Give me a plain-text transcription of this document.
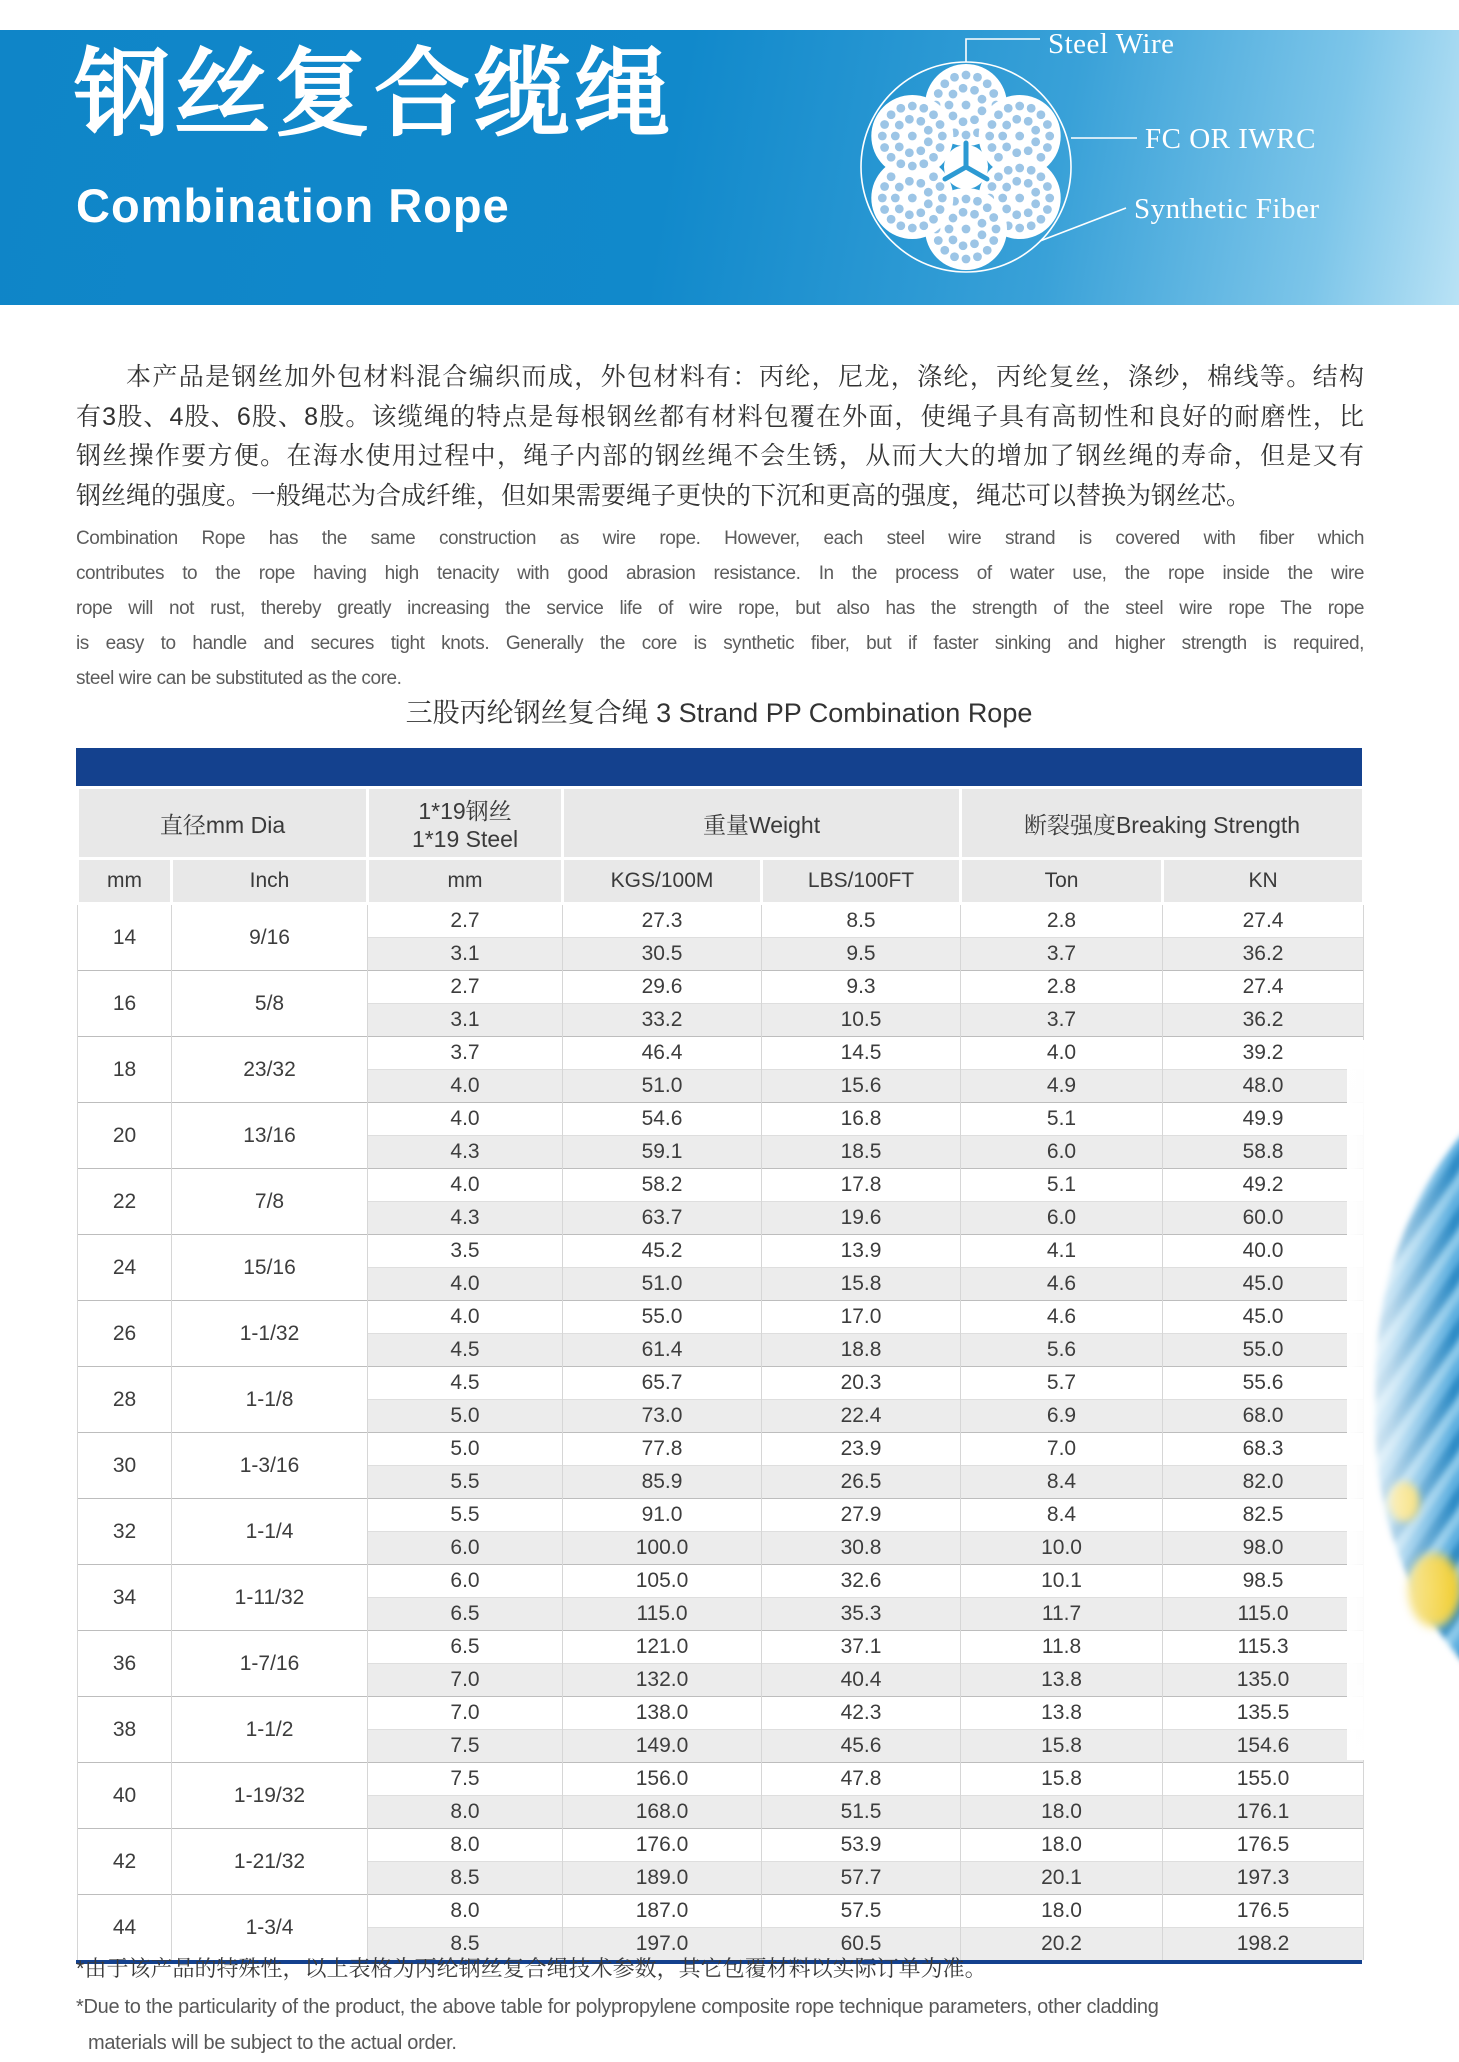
钢丝复合缆绳
Combination Rope
Steel Wire
FC OR IWRC
Synthetic Fiber
本产品是钢丝加外包材料混合编织而成，外包材料有：丙纶，尼龙，涤纶，丙纶复丝，涤纱，棉线等。结构
有3股、4股、6股、8股。该缆绳的特点是每根钢丝都有材料包覆在外面，使绳子具有高韧性和良好的耐磨性，比
钢丝操作要方便。在海水使用过程中，绳子内部的钢丝绳不会生锈，从而大大的增加了钢丝绳的寿命，但是又有
钢丝绳的强度。一般绳芯为合成纤维，但如果需要绳子更快的下沉和更高的强度，绳芯可以替换为钢丝芯。
Combination Rope has the same construction as wire rope. However, each steel wire strand is covered with fiber which
contributes to the rope having high tenacity with good abrasion resistance. In the process of water use, the rope inside the wire
rope will not rust, thereby greatly increasing the service life of wire rope, but also has the strength of the steel wire rope The rope
is easy to handle and secures tight knots. Generally the core is synthetic fiber, but if faster sinking and higher strength is required,
steel wire can be substituted as the core.
三股丙纶钢丝复合绳 3 Strand PP Combination Rope
直径mm Dia		1*19钢丝
1*19 Steel	重量Weight		断裂强度Breaking Strength	
mm	Inch	mm	KGS/100M	LBS/100FT	Ton	KN
14	9/16	2.7	27.3	8.5	2.8	27.4
		3.1	30.5	9.5	3.7	36.2
16	5/8	2.7	29.6	9.3	2.8	27.4
		3.1	33.2	10.5	3.7	36.2
18	23/32	3.7	46.4	14.5	4.0	39.2
		4.0	51.0	15.6	4.9	48.0
20	13/16	4.0	54.6	16.8	5.1	49.9
		4.3	59.1	18.5	6.0	58.8
22	7/8	4.0	58.2	17.8	5.1	49.2
		4.3	63.7	19.6	6.0	60.0
24	15/16	3.5	45.2	13.9	4.1	40.0
		4.0	51.0	15.8	4.6	45.0
26	1-1/32	4.0	55.0	17.0	4.6	45.0
		4.5	61.4	18.8	5.6	55.0
28	1-1/8	4.5	65.7	20.3	5.7	55.6
		5.0	73.0	22.4	6.9	68.0
30	1-3/16	5.0	77.8	23.9	7.0	68.3
		5.5	85.9	26.5	8.4	82.0
32	1-1/4	5.5	91.0	27.9	8.4	82.5
		6.0	100.0	30.8	10.0	98.0
34	1-11/32	6.0	105.0	32.6	10.1	98.5
		6.5	115.0	35.3	11.7	115.0
36	1-7/16	6.5	121.0	37.1	11.8	115.3
		7.0	132.0	40.4	13.8	135.0
38	1-1/2	7.0	138.0	42.3	13.8	135.5
		7.5	149.0	45.6	15.8	154.6
40	1-19/32	7.5	156.0	47.8	15.8	155.0
		8.0	168.0	51.5	18.0	176.1
42	1-21/32	8.0	176.0	53.9	18.0	176.5
		8.5	189.0	57.7	20.1	197.3
44	1-3/4	8.0	187.0	57.5	18.0	176.5
		8.5	197.0	60.5	20.2	198.2
*由于该产品的特殊性，以上表格为丙纶钢丝复合绳技术参数，其它包覆材料以实际订单为准。
*Due to the particularity of the product, the above table for polypropylene composite rope technique parameters, other cladding
materials will be subject to the actual order.
